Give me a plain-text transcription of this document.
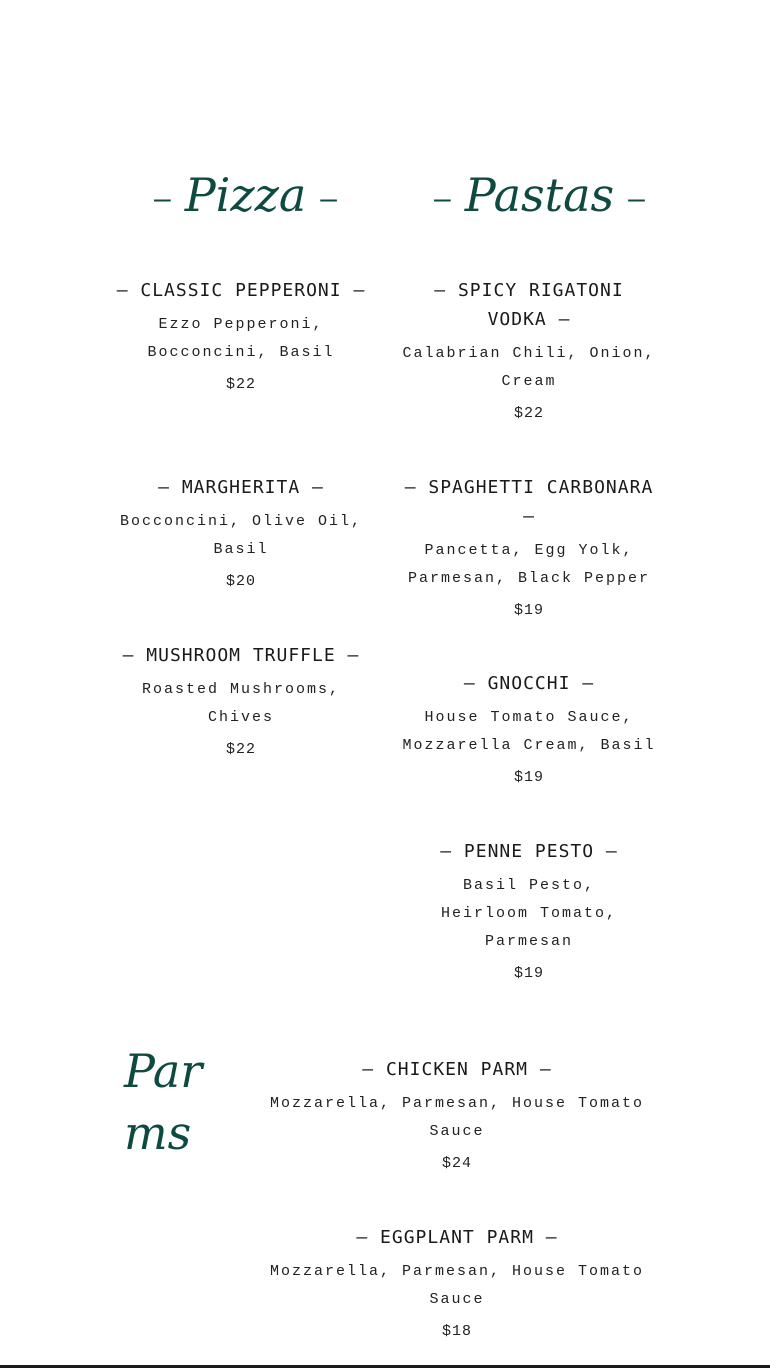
– Pizza –	– Pastas –

– CLASSIC PEPPERONI –

Ezzo Pepperoni, Bocconcini, Basil

$22

– MARGHERITA –

Bocconcini, Olive Oil, Basil

$20

– MUSHROOM TRUFFLE –

Roasted Mushrooms, Chives

$22

– SPICY RIGATONI VODKA –

Calabrian Chili, Onion, Cream

$22

– SPAGHETTI CARBONARA –

Pancetta, Egg Yolk, Parmesan, Black Pepper

$19

– GNOCCHI –

House Tomato Sauce, Mozzarella Cream, Basil

$19

– PENNE PESTO –

Basil Pesto, Heirloom Tomato, Parmesan

$19

Parms

– CHICKEN PARM –

Mozzarella, Parmesan, House Tomato Sauce

$24

– EGGPLANT PARM –

Mozzarella, Parmesan, House Tomato Sauce

$18
